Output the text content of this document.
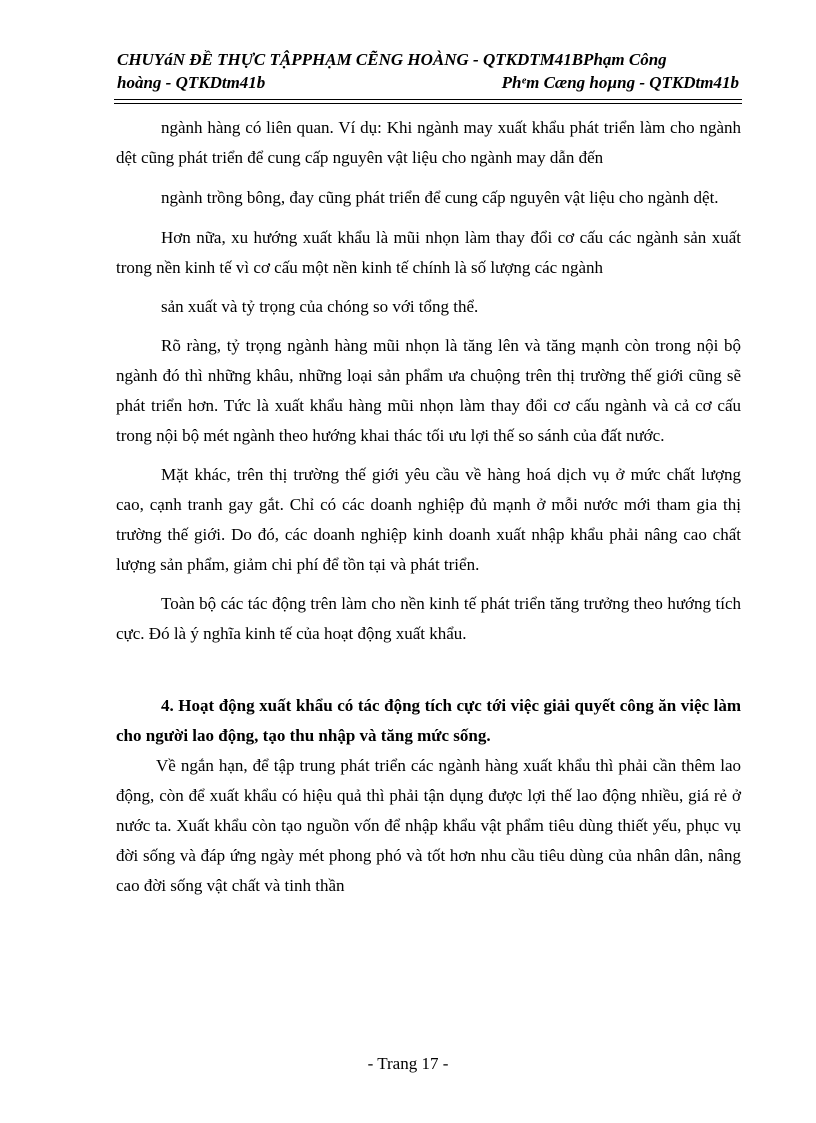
CHUYáN ĐỀ THỰC TẬPPHẠM CẼNG HOÀNG - QTKDTM41BPhạm Công
hoàng - QTKDtm41b	Phᵉm Cæng hoµng - QTKDtm41b

ngành hàng có liên quan. Ví dụ: Khi ngành may xuất khẩu phát triển làm cho ngành dệt cũng phát triển để cung cấp nguyên vật liệu cho ngành may dẫn đến

ngành trồng bông, đay cũng phát triển để cung cấp nguyên vật liệu cho ngành dệt.

Hơn nữa, xu hướng xuất khẩu là mũi nhọn làm thay đổi cơ cấu các ngành sản xuất trong nền kinh tế vì cơ cấu một nền kinh tế chính là số lượng các ngành

sản xuất và tỷ trọng của chóng so với tổng thể.

Rõ ràng, tỷ trọng ngành hàng mũi nhọn là tăng lên và tăng mạnh còn trong nội bộ ngành đó thì những khâu, những loại sản phẩm ưa chuộng trên thị trường thế giới cũng sẽ phát triển hơn. Tức là xuất khẩu hàng mũi nhọn làm thay đổi cơ cấu ngành và cả cơ cấu trong nội bộ mét ngành theo hướng khai thác tối ưu lợi thế so sánh của đất nước.

Mặt khác, trên thị trường thế giới yêu cầu về hàng hoá dịch vụ ở mức chất lượng cao, cạnh tranh gay gắt. Chỉ có các doanh nghiệp đủ mạnh ở mỗi nước mới tham gia thị trường thế giới. Do đó, các doanh nghiệp kinh doanh xuất nhập khẩu phải nâng cao chất lượng sản phẩm, giảm chi phí để tồn tại và phát triển.

Toàn bộ các tác động trên làm cho nền kinh tế phát triển tăng trưởng theo hướng tích cực. Đó là ý nghĩa kinh tế của hoạt động xuất khẩu.

4. Hoạt động xuất khẩu có tác động tích cực tới việc giải quyết công ăn việc làm cho người lao động, tạo thu nhập và tăng mức sống.

Về ngắn hạn, để tập trung phát triển các ngành hàng xuất khẩu thì phải cần thêm lao động, còn để xuất khẩu có hiệu quả thì phải tận dụng được lợi thế lao động nhiều, giá rẻ ở nước ta. Xuất khẩu còn tạo nguồn vốn để nhập khẩu vật phẩm tiêu dùng thiết yếu, phục vụ đời sống và đáp ứng ngày mét phong phó và tốt hơn nhu cầu tiêu dùng của nhân dân, nâng cao đời sống vật chất và tinh thần

- Trang 17 -
